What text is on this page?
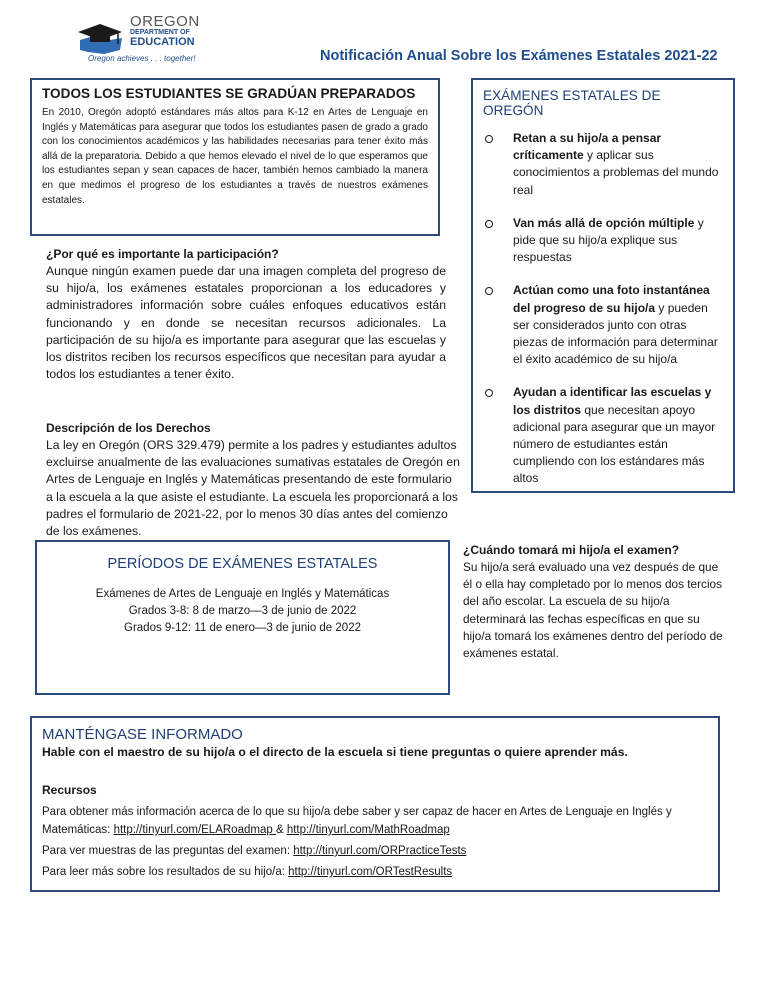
OREGON
DEPARTMENT OF
EDUCATION
Oregon achieves . . . together!	Notificación Anual Sobre los Exámenes Estatales 2021-22
TODOS LOS ESTUDIANTES SE GRADÚAN PREPARADOS
En 2010, Oregón adoptó estándares más altos para K-12 en Artes de Lenguaje en Inglés y Matemáticas para asegurar que todos los estudiantes pasen de grado a grado con los conocimientos académicos y las habilidades necesarias para tener éxito más allá de la preparatoria. Debido a que hemos elevado el nivel de lo que esperamos que los estudiantes sepan y sean capaces de hacer, también hemos cambiado la manera en que medimos el progreso de los estudiantes a través de nuestros exámenes estatales.
¿Por qué es importante la participación?
Aunque ningún examen puede dar una imagen completa del progreso de su hijo/a, los exámenes estatales proporcionan a los educadores y administradores información sobre cuáles enfoques educativos están funcionando y en donde se necesitan recursos adicionales. La participación de su hijo/a es importante para asegurar que las escuelas y los distritos reciben los recursos específicos que necesitan para ayudar a todos los estudiantes a tener éxito.
Descripción de los Derechos
La ley en Oregón (ORS 329.479) permite a los padres y estudiantes adultos excluirse anualmente de las evaluaciones sumativas estatales de Oregón en Artes de Lenguaje en Inglés y Matemáticas presentando de este formulario a la escuela a la que asiste el estudiante. La escuela les proporcionará a los padres el formulario de 2021-22, por lo menos 30 días antes del comienzo de los exámenes.
EXÁMENES ESTATALES DE OREGÓN
Retan a su hijo/a a pensar críticamente y aplicar sus conocimientos a problemas del mundo real
Van más allá de opción múltiple y pide que su hijo/a explique sus respuestas
Actúan como una foto instantánea del progreso de su hijo/a y pueden ser considerados junto con otras piezas de información para determinar el éxito académico de su hijo/a
Ayudan a identificar las escuelas y los distritos que necesitan apoyo adicional para asegurar que un mayor número de estudiantes están cumpliendo con los estándares más altos
PERÍODOS DE EXÁMENES ESTATALES
Exámenes de Artes de Lenguaje en Inglés y Matemáticas
Grados 3-8: 8 de marzo—3 de junio de 2022
Grados 9-12: 11 de enero—3 de junio de 2022
¿Cuándo tomará mi hijo/a el examen?
Su hijo/a será evaluado una vez después de que él o ella hay completado por lo menos dos tercios del año escolar. La escuela de su hijo/a determinará las fechas específicas en que su hijo/a tomará los exámenes dentro del período de exámenes estatal.
MANTÉNGASE INFORMADO
Hable con el maestro de su hijo/a o el directo de la escuela si tiene preguntas o quiere aprender más.
Recursos
Para obtener más información acerca de lo que su hijo/a debe saber y ser capaz de hacer en Artes de Lenguaje en Inglés y Matemáticas: http://tinyurl.com/ELARoadmap & http://tinyurl.com/MathRoadmap
Para ver muestras de las preguntas del examen: http://tinyurl.com/ORPracticeTests
Para leer más sobre los resultados de su hijo/a: http://tinyurl.com/ORTestResults
